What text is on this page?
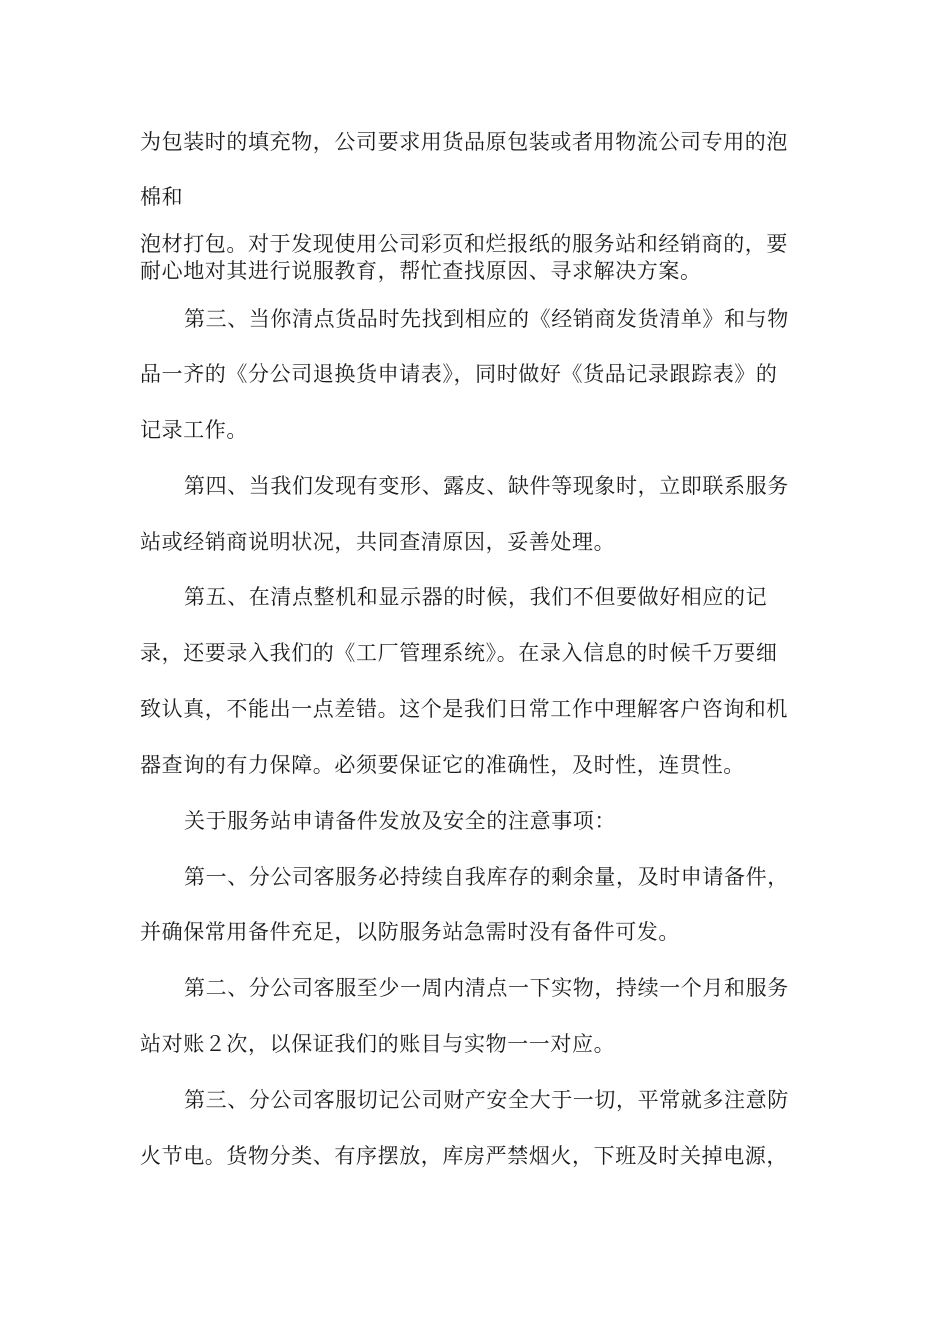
为包装时的填充物，公司要求用货品原包装或者用物流公司专用的泡
棉和
泡材打包。对于发现使用公司彩页和烂报纸的服务站和经销商的，要
耐心地对其进行说服教育，帮忙查找原因、寻求解决方案。
第三、当你清点货品时先找到相应的《经销商发货清单》和与物
品一齐的《分公司退换货申请表》，同时做好《货品记录跟踪表》的
记录工作。
第四、当我们发现有变形、露皮、缺件等现象时，立即联系服务
站或经销商说明状况，共同查清原因，妥善处理。
第五、在清点整机和显示器的时候，我们不但要做好相应的记
录，还要录入我们的《工厂管理系统》。在录入信息的时候千万要细
致认真，不能出一点差错。这个是我们日常工作中理解客户咨询和机
器查询的有力保障。必须要保证它的准确性，及时性，连贯性。
关于服务站申请备件发放及安全的注意事项：
第一、分公司客服务必持续自我库存的剩余量，及时申请备件，
并确保常用备件充足，以防服务站急需时没有备件可发。
第二、分公司客服至少一周内清点一下实物，持续一个月和服务
站对账２次，以保证我们的账目与实物一一对应。
第三、分公司客服切记公司财产安全大于一切，平常就多注意防
火节电。货物分类、有序摆放，库房严禁烟火，下班及时关掉电源，
